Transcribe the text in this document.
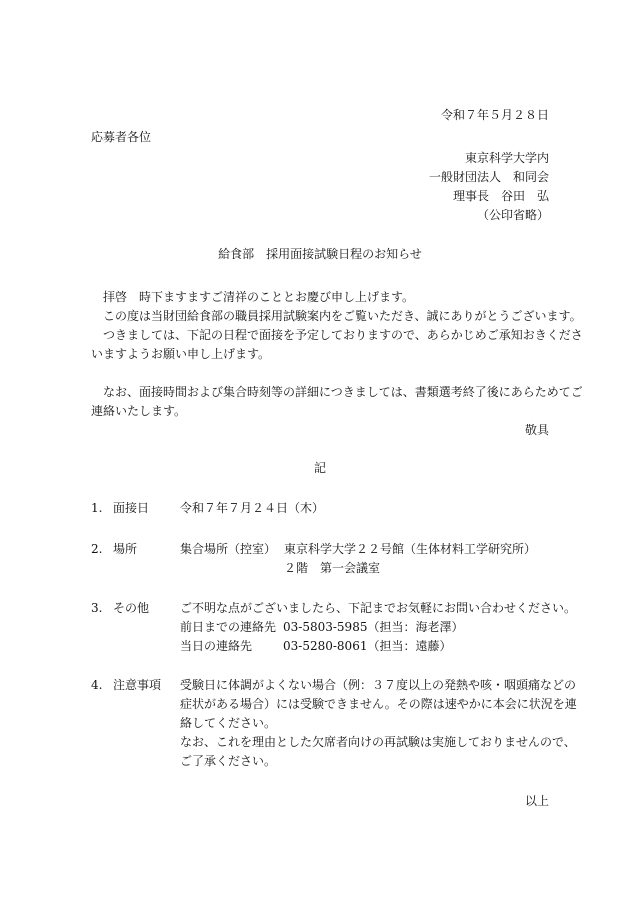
令和７年５月２８日
応募者各位
東京科学大学内
一般財団法人　和同会
理事長　谷田　弘
（公印省略）
給食部　採用面接試験日程のお知らせ
　拝啓　時下ますますご清祥のこととお慶び申し上げます。
　この度は当財団給食部の職員採用試験案内をご覧いただき、誠にありがとうございます。
　つきましては、下記の日程で面接を予定しておりますので、あらかじめご承知おきくださ
いますようお願い申し上げます。
　なお、面接時間および集合時刻等の詳細につきましては、書類選考終了後にあらためてご
連絡いたします。
敬具
記
1. 面接日	令和７年７月２４日（木）
2. 場所	集合場所（控室） 東京科学大学２２号館（生体材料工学研究所）
２階　第一会議室
3. その他	ご不明な点がございましたら、下記までお気軽にお問い合わせください。
前日までの連絡先 03-5803-5985（担当：海老澤）
当日の連絡先	03-5280-8061（担当：遠藤）
4. 注意事項 受験日に体調がよくない場合（例：３７度以上の発熱や咳・咽頭痛などの
症状がある場合）には受験できません。その際は速やかに本会に状況を連
絡してください。
なお、これを理由とした欠席者向けの再試験は実施しておりませんので、
ご了承ください。
以上
